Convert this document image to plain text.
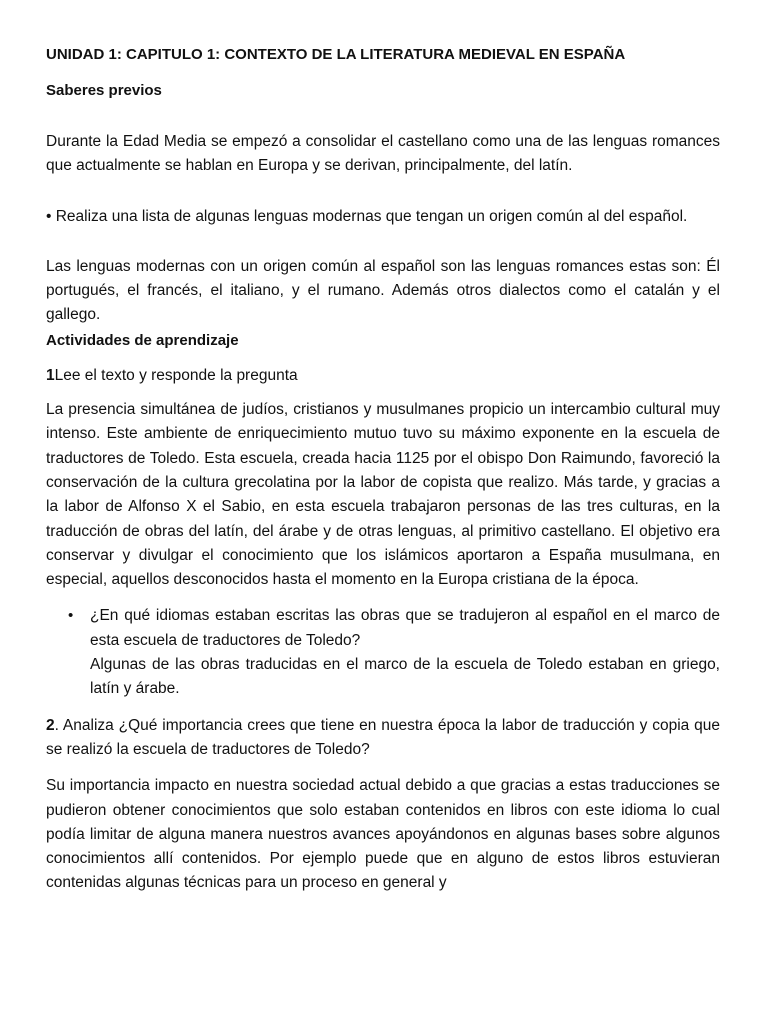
UNIDAD 1: CAPITULO 1: CONTEXTO DE LA LITERATURA MEDIEVAL EN ESPAÑA
Saberes previos

Durante la Edad Media se empezó a consolidar el castellano como una de las lenguas romances que actualmente se hablan en Europa y se derivan, principalmente, del latín.

• Realiza una lista de algunas lenguas modernas que tengan un origen común al del español.

Las lenguas modernas con un origen común al español son las lenguas romances estas son: Él portugués, el francés, el italiano, y el rumano. Además otros dialectos como el catalán y el gallego.

Actividades de aprendizaje

1Lee el texto y responde la pregunta

La presencia simultánea de judíos, cristianos y musulmanes propicio un intercambio cultural muy intenso. Este ambiente de enriquecimiento mutuo tuvo su máximo exponente en la escuela de traductores de Toledo. Esta escuela, creada hacia 1125 por el obispo Don Raimundo, favoreció la conservación de la cultura grecolatina por la labor de copista que realizo. Más tarde, y gracias a la labor de Alfonso X el Sabio, en esta escuela trabajaron personas de las tres culturas, en la traducción de obras del latín, del árabe y de otras lenguas, al primitivo castellano. El objetivo era conservar y divulgar el conocimiento que los islámicos aportaron a España musulmana, en especial, aquellos desconocidos hasta el momento en la Europa cristiana de la época.

• ¿En qué idiomas estaban escritas las obras que se tradujeron al español en el marco de esta escuela de traductores de Toledo?
Algunas de las obras traducidas en el marco de la escuela de Toledo estaban en griego, latín y árabe.

2. Analiza ¿Qué importancia crees que tiene en nuestra época la labor de traducción y copia que se realizó la escuela de traductores de Toledo?

Su importancia impacto en nuestra sociedad actual debido a que gracias a estas traducciones se pudieron obtener conocimientos que solo estaban contenidos en libros con este idioma lo cual podía limitar de alguna manera nuestros avances apoyándonos en algunas bases sobre algunos conocimientos allí contenidos. Por ejemplo puede que en alguno de estos libros estuvieran contenidas algunas técnicas para un proceso en general y
